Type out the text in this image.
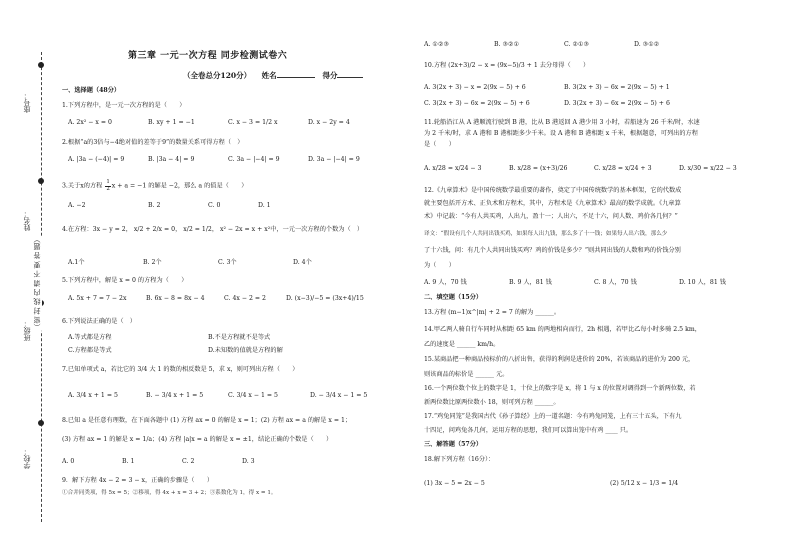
学校：
班级：
姓名：
座号：
（密 封 线 内 请 不 要 答 题）
第三章 一元一次方程 同步检测试卷六
（全卷总分120分） 姓名	得分
一、选择题（48分）
1.下列方程中，是一元一次方程的是（　　）
A. 2x² − x = 0	B. xy + 1 = −1	C. x − 3 = 1/2 x	D. x − 2y = 4
2.根据“a的3倍与−4绝对值的差等于9”的数量关系可得方程（　）
A. |3a − (−4)| = 9	B. |3a − 4| = 9	C. 3a − |−4| = 9	D. 3a − |−4| = 9
3.关于x的方程 $\frac{1}{2}$ x + a = −1 的解是 −2，那么 a 的值是（　　）
A. −2	B. 2	C. 0	D. 1
4.在方程：3x − y = 2， x/2 + 2/x = 0， x/2 = 1/2， x² − 2x = x + x²中，一元一次方程的个数为（　）
A.1个	B. 2个	C. 3个	D. 4个
5.下列方程中，解是 x = 0 的方程为（　　）
A. 5x + 7 = 7 − 2x	B. 6x − 8 = 8x − 4	C. 4x − 2 = 2	D. (x−3)/−5 = (3x+4)/15
6.下列说法正确的是（　）
A.等式都是方程	B.不是方程就不是等式
C.方程都是等式	D.未知数的值就是方程的解
7.已知单项式 a，若比它的 3/4 大 1 的数的相反数是 5，求 x，则可列出方程（　　）
A. 3/4 x + 1 = 5	B. − 3/4 x + 1 = 5	C. 3/4 x − 1 = 5	D. − 3/4 x − 1 = 5
8.已知 a 是任意有理数，在下面各题中 (1) 方程 ax = 0 的解是 x = 1；(2) 方程 ax = a 的解是 x = 1；
(3) 方程 ax = 1 的解是 x = 1/a；(4) 方程 |a|x = a 的解是 x = ±1，结论正确的个数是（　　）
A. 0	B. 1	C. 2	D. 3
9．解下方程 4x − 2 = 3 − x，正确的步骤是（　　）
①合并同类项，得 5x = 5；②移项，得 4x + x = 3 + 2；③系数化为 1，得 x = 1。
A. ①②③	B. ③②①	C. ②①③	D. ③①②
10.方程 (2x+3)/2 − x = (9x−5)/3 + 1 去分母得（　　）
A. 3(2x + 3) − x = 2(9x − 5) + 6	B. 3(2x + 3) − 6x = 2(9x − 5) + 1
C. 3(2x + 3) − 6x = 2(9x − 5) + 6	D. 3(2x + 3) − 6x = 2(9x − 5) + 6
11.轮船沿江从 A 港顺流行驶到 B 港，比从 B 港返回 A 港少用 3 小时，若船速为 26 千米/时，水速
为 2 千米/时，求 A 港和 B 港相距多少千米。设 A 港和 B 港相距 x 千米，根据题意，可列出的方程
是（　　）
A. x/28 = x/24 − 3	B. x/28 = (x+3)/26	C. x/28 = x/24 + 3	D. x/30 = x/22 − 3
12.《九章算术》是中国传统数学最重要的著作，奠定了中国传统数学的基本框架，它的代数成
就主要包括开方术、正负术和方程术，其中，方程术是《九章算术》最高的数学成就。《九章算
术》中记载：“今有人共买鸡，人出九，盈十一；人出六，不足十六，问人数、鸡价各几何？”
译文：“假设有几个人共同出钱买鸡，如果每人出九钱，那么多了十一钱；如果每人出六钱，那么少
了十六钱，问：有几个人共同出钱买鸡？鸡的价钱是多少？”则共同出钱的人数和鸡的价钱分别
为（　　）
A. 9 人，70 钱	B. 9 人，81 钱	C. 8 人，70 钱	D. 10 人，81 钱
二、填空题（15分）
13.方程 (m−1)x^|m| + 2 = 7 的解为 ______。
14.甲乙两人骑自行车同时从相距 65 km 的两地相向而行，2h 相遇，若甲比乙每小时多骑 2.5 km，
乙的速度是 ______ km/h。
15.某商品把一种商品按标价的八折出售，获得的利润是进价的 20%，若该商品的进价为 200 元，
则该商品的标价是 ______ 元。
16.一个两位数个位上的数字是 1，十位上的数字是 x，将 1 与 x 的位置对调得到一个新两位数，若
新两位数比原两位数小 18，则可列方程 ______。
17.“鸡兔同笼”是我国古代《孙子算经》上的一道名题：今有鸡兔同笼，上有三十五头，下有九
十四足，问鸡兔各几何，运用方程的思想，我们可以算出笼中有鸡 ____ 只。
三、解答题（57分）
18.解下列方程（16分）：
(1) 3x − 5 = 2x − 5	(2) 5/12 x − 1/3 = 1/4
